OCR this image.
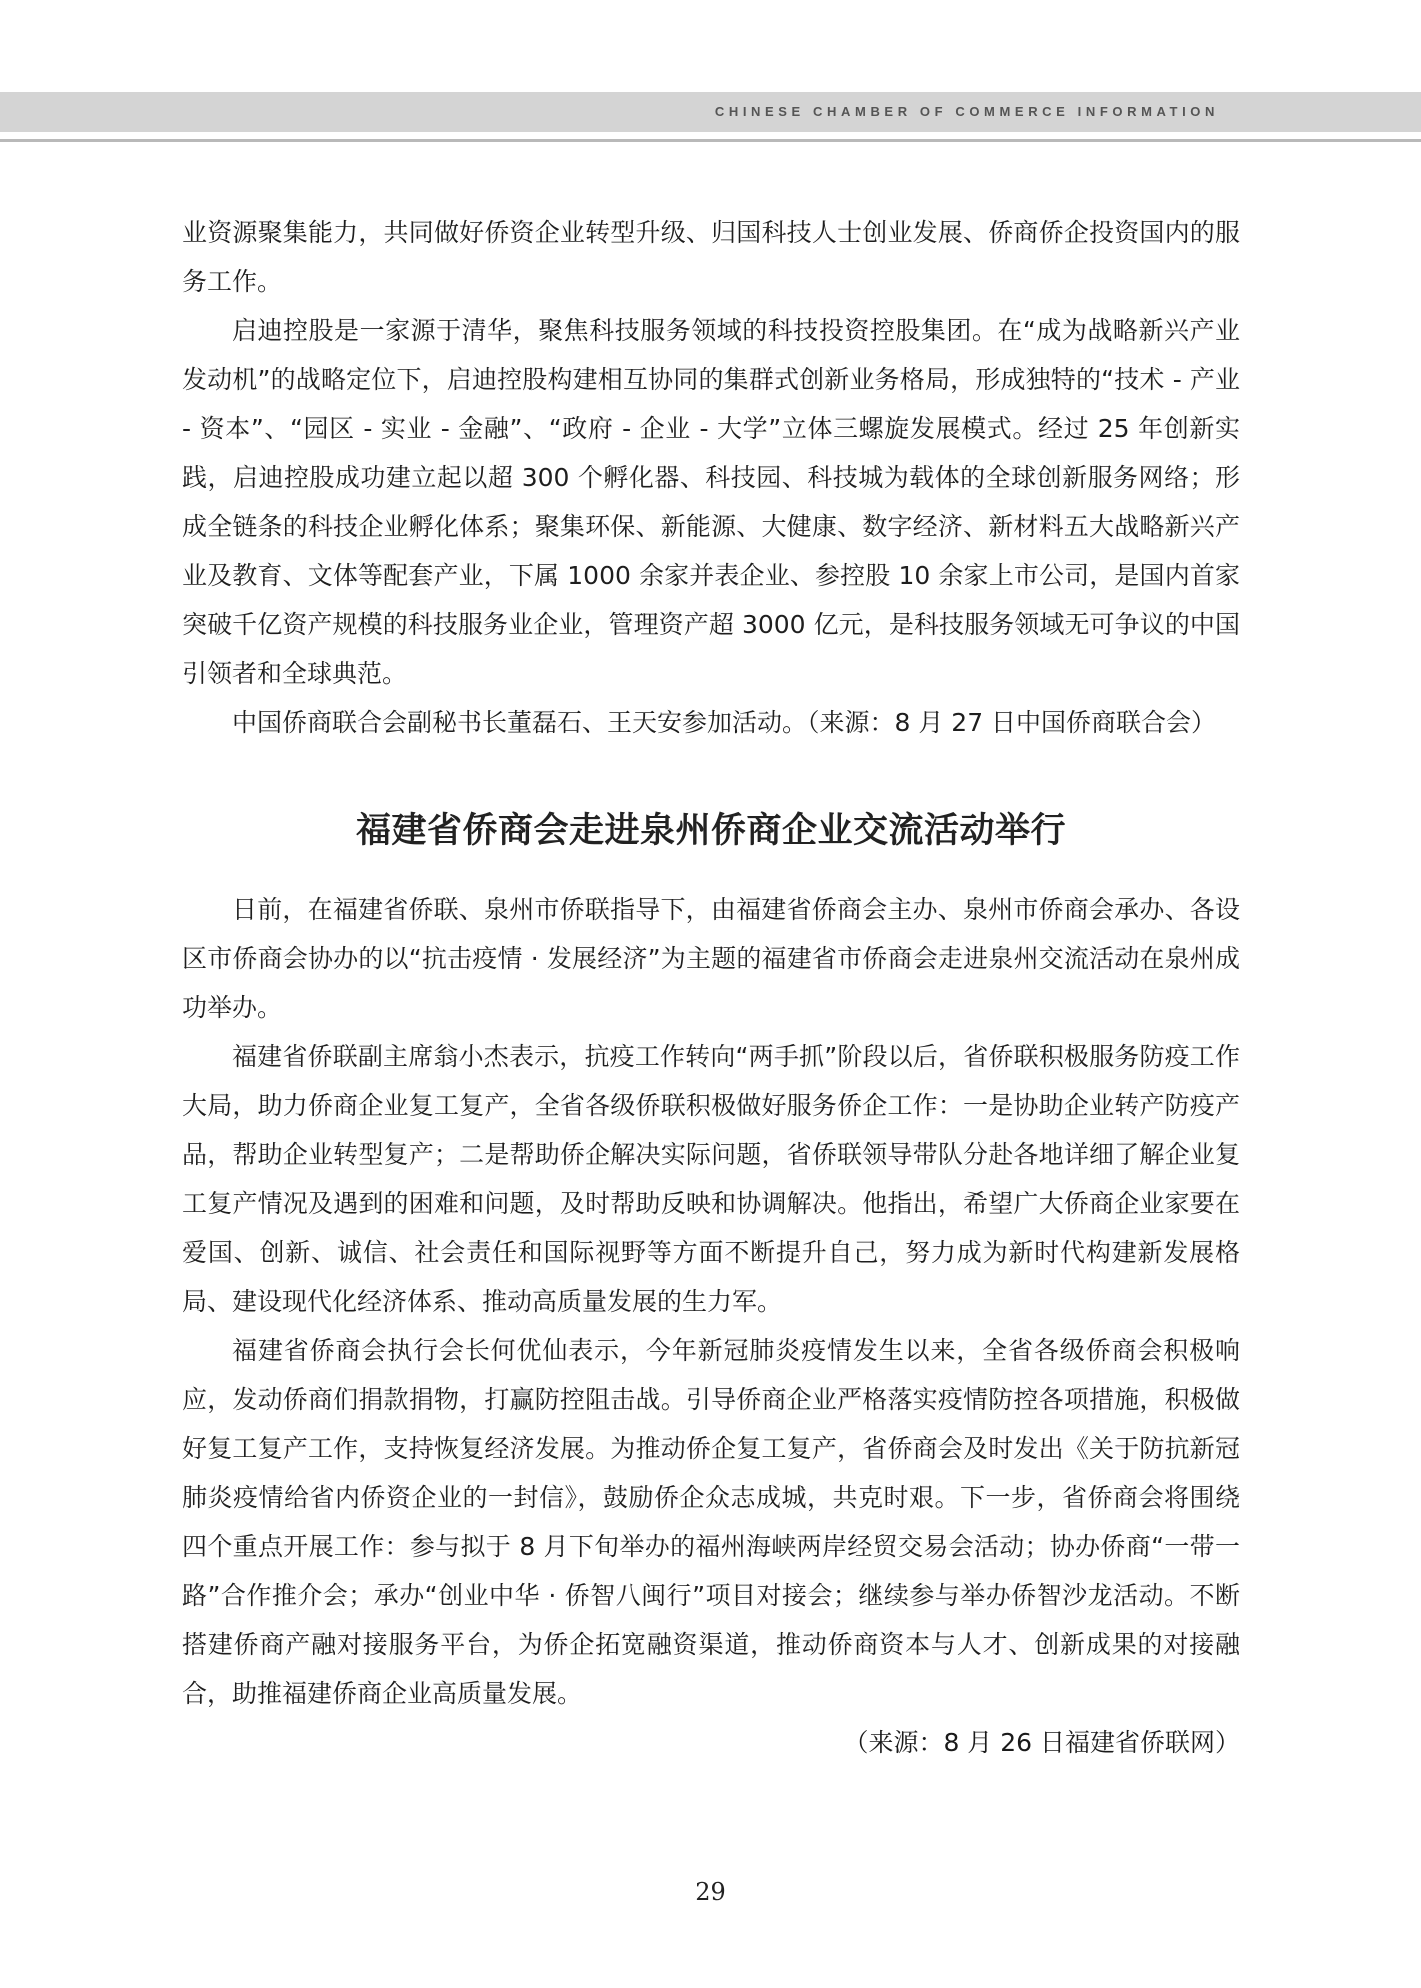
CHINESE CHAMBER OF COMMERCE INFORMATION

业资源聚集能力，共同做好侨资企业转型升级、归国科技人士创业发展、侨商侨企投资国内的服务工作。

启迪控股是一家源于清华，聚焦科技服务领域的科技投资控股集团。在“成为战略新兴产业发动机”的战略定位下，启迪控股构建相互协同的集群式创新业务格局，形成独特的“技术 - 产业 - 资本”、“园区 - 实业 - 金融”、“政府 - 企业 - 大学”立体三螺旋发展模式。经过 25 年创新实践，启迪控股成功建立起以超 300 个孵化器、科技园、科技城为载体的全球创新服务网络；形成全链条的科技企业孵化体系；聚集环保、新能源、大健康、数字经济、新材料五大战略新兴产业及教育、文体等配套产业，下属 1000 余家并表企业、参控股 10 余家上市公司，是国内首家突破千亿资产规模的科技服务业企业，管理资产超 3000 亿元，是科技服务领域无可争议的中国引领者和全球典范。

中国侨商联合会副秘书长董磊石、王天安参加活动。（来源：8 月 27 日中国侨商联合会）

福建省侨商会走进泉州侨商企业交流活动举行

日前，在福建省侨联、泉州市侨联指导下，由福建省侨商会主办、泉州市侨商会承办、各设区市侨商会协办的以“抗击疫情 · 发展经济”为主题的福建省市侨商会走进泉州交流活动在泉州成功举办。

福建省侨联副主席翁小杰表示，抗疫工作转向“两手抓”阶段以后，省侨联积极服务防疫工作大局，助力侨商企业复工复产，全省各级侨联积极做好服务侨企工作：一是协助企业转产防疫产品，帮助企业转型复产；二是帮助侨企解决实际问题，省侨联领导带队分赴各地详细了解企业复工复产情况及遇到的困难和问题，及时帮助反映和协调解决。他指出，希望广大侨商企业家要在爱国、创新、诚信、社会责任和国际视野等方面不断提升自己，努力成为新时代构建新发展格局、建设现代化经济体系、推动高质量发展的生力军。

福建省侨商会执行会长何优仙表示，今年新冠肺炎疫情发生以来，全省各级侨商会积极响应，发动侨商们捐款捐物，打赢防控阻击战。引导侨商企业严格落实疫情防控各项措施，积极做好复工复产工作，支持恢复经济发展。为推动侨企复工复产，省侨商会及时发出《关于防抗新冠肺炎疫情给省内侨资企业的一封信》，鼓励侨企众志成城，共克时艰。下一步，省侨商会将围绕四个重点开展工作：参与拟于 8 月下旬举办的福州海峡两岸经贸交易会活动；协办侨商“一带一路”合作推介会；承办“创业中华 · 侨智八闽行”项目对接会；继续参与举办侨智沙龙活动。不断搭建侨商产融对接服务平台，为侨企拓宽融资渠道，推动侨商资本与人才、创新成果的对接融合，助推福建侨商企业高质量发展。

（来源：8 月 26 日福建省侨联网）

29
